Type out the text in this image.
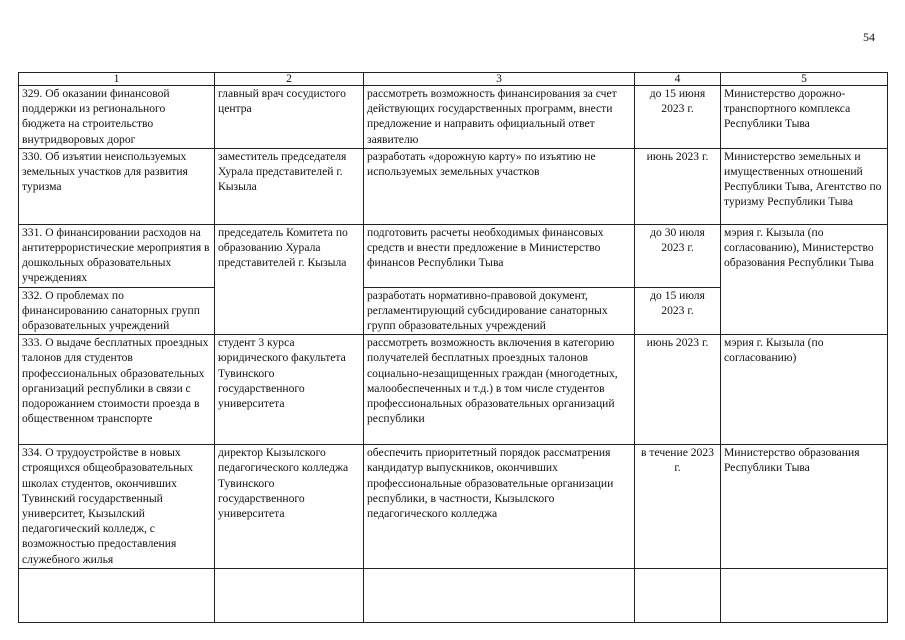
54
1	2	3	4	5
329. Об оказании финансовой поддержки из регионального бюджета на строительство внутридворовых дорог	главный врач сосудистого центра	рассмотреть возможность финансирования за счет действующих государственных программ, внести предложение и направить официальный ответ заявителю	до 15 июня 2023 г.	Министерство дорожно-транспортного комплекса Республики Тыва
330. Об изъятии неиспользуемых земельных участков для развития туризма	заместитель председателя Хурала представителей г. Кызыла	разработать «дорожную карту» по изъятию не используемых земельных участков	июнь 2023 г.	Министерство земельных и имущественных отношений Республики Тыва, Агентство по туризму Республики Тыва
331. О финансировании расходов на антитеррористические мероприятия в дошкольных образовательных учреждениях	председатель Комитета по образованию Хурала представителей г. Кызыла	подготовить расчеты необходимых финансовых средств и внести предложение в Министерство финансов Республики Тыва	до 30 июля 2023 г.	мэрия г. Кызыла (по согласованию), Министерство образования Республики Тыва
332. О проблемах по финансированию санаторных групп образовательных учреждений		разработать нормативно-правовой документ, регламентирующий субсидирование санаторных групп образовательных учреждений	до 15 июля 2023 г.	
333. О выдаче бесплатных проездных талонов для студентов профессиональных образовательных организаций республики в связи с подорожанием стоимости проезда в общественном транспорте	студент 3 курса юридического факультета Тувинского государственного университета	рассмотреть возможность включения в категорию получателей бесплатных проездных талонов социально-незащищенных граждан (многодетных, малообеспеченных и т.д.) в том числе студентов профессиональных образовательных организаций республики	июнь 2023 г.	мэрия г. Кызыла (по согласованию)
334. О трудоустройстве в новых строящихся общеобразовательных школах студентов, окончивших Тувинский государственный университет, Кызылский педагогический колледж, с возможностью предоставления служебного жилья	директор Кызылского педагогического колледжа Тувинского государственного университета	обеспечить приоритетный порядок рассматрения кандидатур выпускников, окончивших профессиональные образовательные организации республики, в частности, Кызылского педагогического колледжа	в течение 2023 г.	Министерство образования Республики Тыва
